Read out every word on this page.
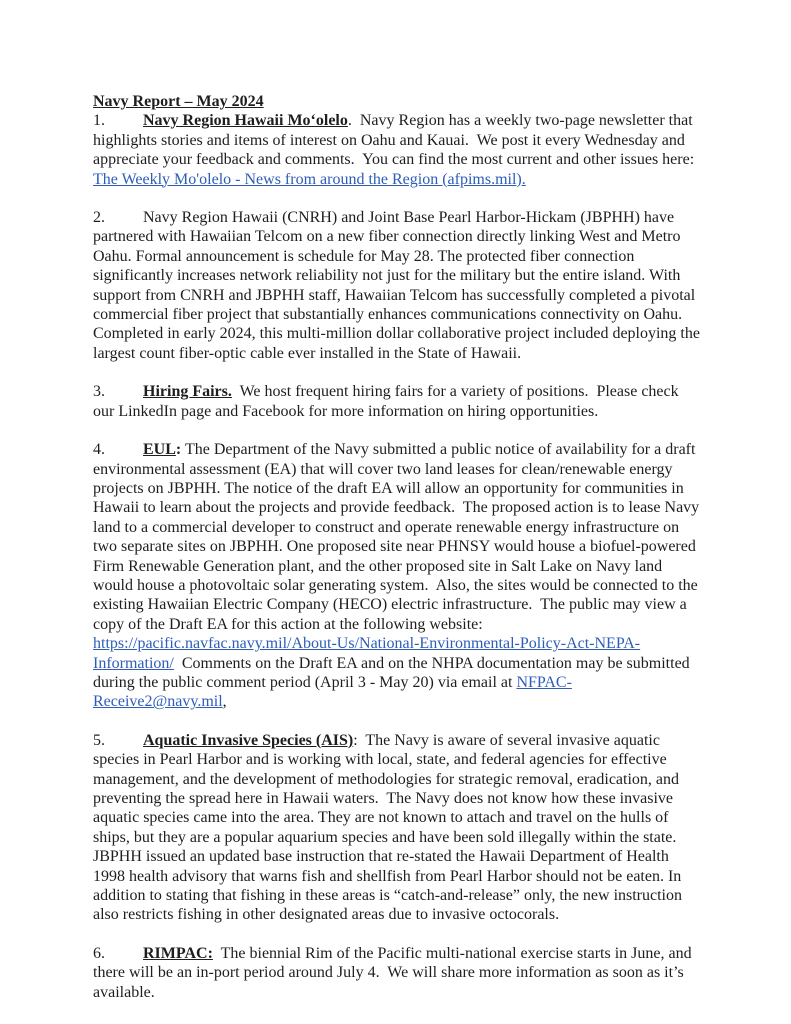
Navy Report – May 2024

1. Navy Region Hawaii Moʻolelo.  Navy Region has a weekly two-page newsletter that highlights stories and items of interest on Oahu and Kauai.  We post it every Wednesday and appreciate your feedback and comments.  You can find the most current and other issues here:  The Weekly Mo'olelo - News from around the Region (afpims.mil).

2. Navy Region Hawaii (CNRH) and Joint Base Pearl Harbor-Hickam (JBPHH) have partnered with Hawaiian Telcom on a new fiber connection directly linking West and Metro Oahu. Formal announcement is schedule for May 28. The protected fiber connection significantly increases network reliability not just for the military but the entire island. With support from CNRH and JBPHH staff, Hawaiian Telcom has successfully completed a pivotal commercial fiber project that substantially enhances communications connectivity on Oahu. Completed in early 2024, this multi-million dollar collaborative project included deploying the largest count fiber-optic cable ever installed in the State of Hawaii.

3. Hiring Fairs.  We host frequent hiring fairs for a variety of positions.  Please check our LinkedIn page and Facebook for more information on hiring opportunities.

4. EUL: The Department of the Navy submitted a public notice of availability for a draft environmental assessment (EA) that will cover two land leases for clean/renewable energy projects on JBPHH. The notice of the draft EA will allow an opportunity for communities in Hawaii to learn about the projects and provide feedback.  The proposed action is to lease Navy land to a commercial developer to construct and operate renewable energy infrastructure on two separate sites on JBPHH. One proposed site near PHNSY would house a biofuel-powered Firm Renewable Generation plant, and the other proposed site in Salt Lake on Navy land would house a photovoltaic solar generating system.  Also, the sites would be connected to the existing Hawaiian Electric Company (HECO) electric infrastructure.  The public may view a copy of the Draft EA for this action at the following website:  https://pacific.navfac.navy.mil/About-Us/National-Environmental-Policy-Act-NEPA-Information/  Comments on the Draft EA and on the NHPA documentation may be submitted during the public comment period (April 3 - May 20) via email at NFPAC-Receive2@navy.mil,

5. Aquatic Invasive Species (AIS):  The Navy is aware of several invasive aquatic species in Pearl Harbor and is working with local, state, and federal agencies for effective management, and the development of methodologies for strategic removal, eradication, and preventing the spread here in Hawaii waters.  The Navy does not know how these invasive aquatic species came into the area. They are not known to attach and travel on the hulls of ships, but they are a popular aquarium species and have been sold illegally within the state.  JBPHH issued an updated base instruction that re-stated the Hawaii Department of Health 1998 health advisory that warns fish and shellfish from Pearl Harbor should not be eaten. In addition to stating that fishing in these areas is “catch-and-release” only, the new instruction also restricts fishing in other designated areas due to invasive octocorals.

6. RIMPAC:  The biennial Rim of the Pacific multi-national exercise starts in June, and there will be an in-port period around July 4.  We will share more information as soon as it’s available.
